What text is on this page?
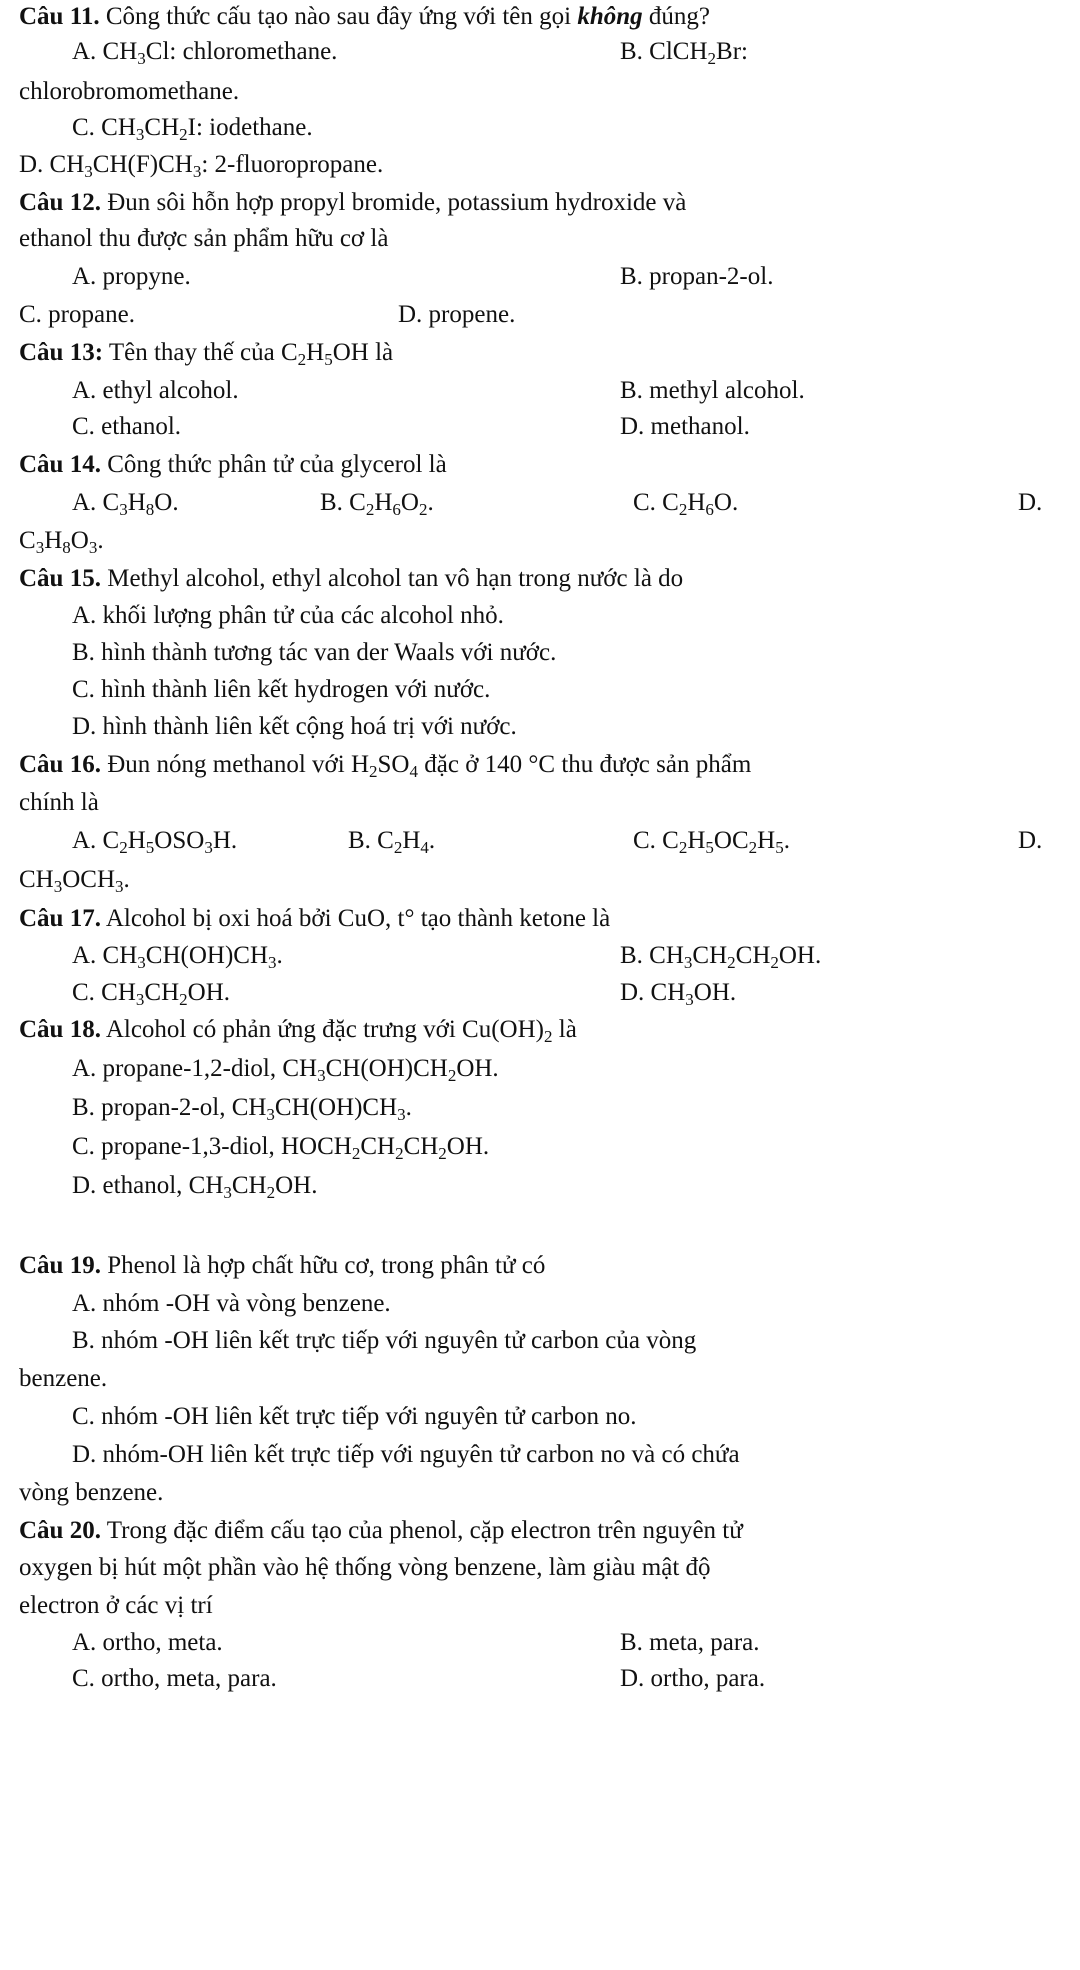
Câu 11. Công thức cấu tạo nào sau đây ứng với tên gọi không đúng?
A. $CH_3Cl$: chloromethane.	B. ClCH$_2$Br:
chlorobromomethane.
C. $CH_3CH_2I$: iodethane.
D. $CH_3CH(F)CH_3$: 2-fluoropropane.
Câu 12. Đun sôi hỗn hợp propyl bromide, potassium hydroxide và
ethanol thu được sản phẩm hữu cơ là
A. propyne.	B. propan-2-ol.
C. propane.	D. propene.
Câu 13: Tên thay thế của $C_2H_5OH$ là
A. ethyl alcohol.	B. methyl alcohol.
C. ethanol.	D. methanol.
Câu 14. Công thức phân tử của glycerol là
A. $C_3H_8O$.	B. $C_2H_6O_2$.	C. $C_2H_6O$.	D.
$C_3H_8O_3$.
Câu 15. Methyl alcohol, ethyl alcohol tan vô hạn trong nước là do
A. khối lượng phân tử của các alcohol nhỏ.
B. hình thành tương tác van der Waals với nước.
C. hình thành liên kết hydrogen với nước.
D. hình thành liên kết cộng hoá trị với nước.
Câu 16. Đun nóng methanol với $H_2SO_4$ đặc ở 140 °C thu được sản phẩm
chính là
A. $C_2H_5OSO_3H$.	B. $C_2H_4$.	C. $C_2H_5OC_2H_5$.	D.
$CH_3OCH_3$.
Câu 17. Alcohol bị oxi hoá bởi CuO, t° tạo thành ketone là
A. $CH_3CH(OH)CH_3$.	B. $CH_3CH_2CH_2OH$.
C. $CH_3CH_2OH$.	D. $CH_3OH$.
Câu 18. Alcohol có phản ứng đặc trưng với $Cu(OH)_2$ là
A. propane-1,2-diol, $CH_3CH(OH)CH_2OH$.
B. propan-2-ol, $CH_3CH(OH)CH_3$.
C. propane-1,3-diol, $HOCH_2CH_2CH_2OH$.
D. ethanol, $CH_3CH_2OH$.
Câu 19. Phenol là hợp chất hữu cơ, trong phân tử có
A. nhóm -OH và vòng benzene.
B. nhóm -OH liên kết trực tiếp với nguyên tử carbon của vòng
benzene.
C. nhóm -OH liên kết trực tiếp với nguyên tử carbon no.
D. nhóm-OH liên kết trực tiếp với nguyên tử carbon no và có chứa
vòng benzene.
Câu 20. Trong đặc điểm cấu tạo của phenol, cặp electron trên nguyên tử
oxygen bị hút một phần vào hệ thống vòng benzene, làm giàu mật độ
electron ở các vị trí
A. ortho, meta.	B. meta, para.
C. ortho, meta, para.	D. ortho, para.
